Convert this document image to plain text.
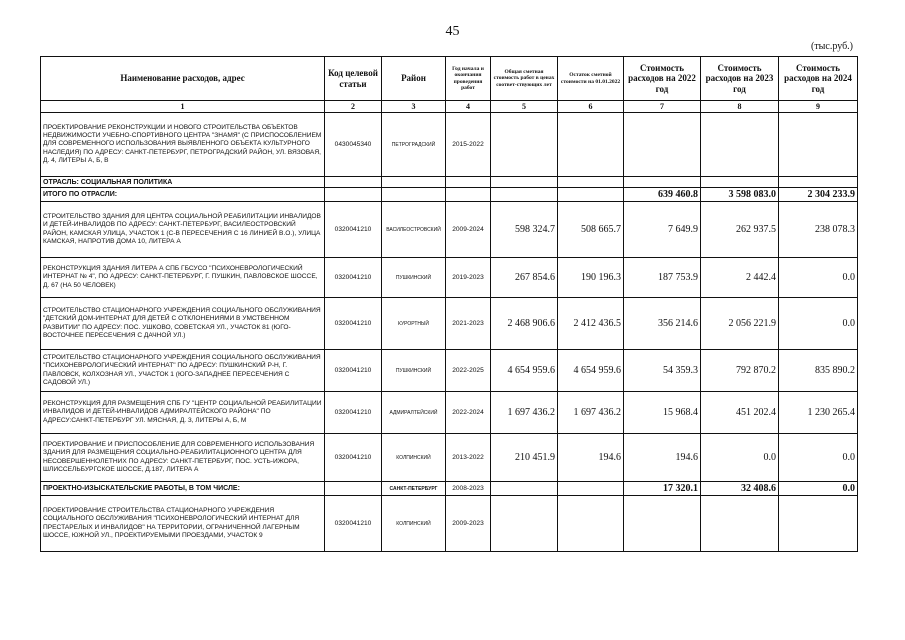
45
(тыс.руб.)
Наименование расходов, адрес	Код целевой статьи	Район	Год начала и окончания проведения работ	Общая сметная стоимость работ в ценах соответ-ствующих лет	Остаток сметной стоимости на 01.01.2022	Стоимость расходов на 2022 год	Стоимость расходов на 2023 год	Стоимость расходов на 2024 год
1	2	3	4	5	6	7	8	9
ПРОЕКТИРОВАНИЕ РЕКОНСТРУКЦИИ И НОВОГО СТРОИТЕЛЬСТВА ОБЪЕКТОВ НЕДВИЖИМОСТИ УЧЕБНО-СПОРТИВНОГО ЦЕНТРА "ЗНАМЯ" (С ПРИСПОСОБЛЕНИЕМ ДЛЯ СОВРЕМЕННОГО ИСПОЛЬЗОВАНИЯ ВЫЯВЛЕННОГО ОБЪЕКТА КУЛЬТУРНОГО НАСЛЕДИЯ) ПО АДРЕСУ: САНКТ-ПЕТЕРБУРГ, ПЕТРОГРАДСКИЙ РАЙОН, УЛ. ВЯЗОВАЯ, Д. 4, ЛИТЕРЫ А, Б, В	0430045340	ПЕТРОГРАДСКИЙ	2015-2022					
ОТРАСЛЬ: СОЦИАЛЬНАЯ ПОЛИТИКА								
ИТОГО ПО ОТРАСЛИ:						639 460.8	3 598 083.0	2 304 233.9
СТРОИТЕЛЬСТВО ЗДАНИЯ ДЛЯ ЦЕНТРА СОЦИАЛЬНОЙ РЕАБИЛИТАЦИИ ИНВАЛИДОВ И ДЕТЕЙ-ИНВАЛИДОВ ПО АДРЕСУ: САНКТ-ПЕТЕРБУРГ, ВАСИЛЕОСТРОВСКИЙ РАЙОН, КАМСКАЯ УЛИЦА, УЧАСТОК 1 (С-В ПЕРЕСЕЧЕНИЯ С 16 ЛИНИЕЙ В.О.), УЛИЦА КАМСКАЯ, НАПРОТИВ ДОМА 10, ЛИТЕРА А	0320041210	ВАСИЛЕОСТРОВСКИЙ	2009-2024	598 324.7	508 665.7	7 649.9	262 937.5	238 078.3
РЕКОНСТРУКЦИЯ ЗДАНИЯ ЛИТЕРА А СПБ ГБСУСО "ПСИХОНЕВРОЛОГИЧЕСКИЙ ИНТЕРНАТ № 4", ПО АДРЕСУ: САНКТ-ПЕТЕРБУРГ, Г. ПУШКИН, ПАВЛОВСКОЕ ШОССЕ, Д. 67 (НА 50 ЧЕЛОВЕК)	0320041210	ПУШКИНСКИЙ	2019-2023	267 854.6	190 196.3	187 753.9	2 442.4	0.0
СТРОИТЕЛЬСТВО СТАЦИОНАРНОГО УЧРЕЖДЕНИЯ СОЦИАЛЬНОГО ОБСЛУЖИВАНИЯ "ДЕТСКИЙ ДОМ-ИНТЕРНАТ ДЛЯ ДЕТЕЙ С ОТКЛОНЕНИЯМИ В УМСТВЕННОМ РАЗВИТИИ" ПО АДРЕСУ: ПОС. УШКОВО, СОВЕТСКАЯ УЛ., УЧАСТОК 81 (ЮГО-ВОСТОЧНЕЕ ПЕРЕСЕЧЕНИЯ С ДАЧНОЙ УЛ.)	0320041210	КУРОРТНЫЙ	2021-2023	2 468 906.6	2 412 436.5	356 214.6	2 056 221.9	0.0
СТРОИТЕЛЬСТВО СТАЦИОНАРНОГО УЧРЕЖДЕНИЯ СОЦИАЛЬНОГО ОБСЛУЖИВАНИЯ "ПСИХОНЕВРОЛОГИЧЕСКИЙ ИНТЕРНАТ" ПО АДРЕСУ: ПУШКИНСКИЙ Р-Н, Г. ПАВЛОВСК, КОЛХОЗНАЯ УЛ., УЧАСТОК 1 (ЮГО-ЗАПАДНЕЕ ПЕРЕСЕЧЕНИЯ С САДОВОЙ УЛ.)	0320041210	ПУШКИНСКИЙ	2022-2025	4 654 959.6	4 654 959.6	54 359.3	792 870.2	835 890.2
РЕКОНСТРУКЦИЯ ДЛЯ РАЗМЕЩЕНИЯ СПБ ГУ "ЦЕНТР СОЦИАЛЬНОЙ РЕАБИЛИТАЦИИ ИНВАЛИДОВ И ДЕТЕЙ-ИНВАЛИДОВ АДМИРАЛТЕЙСКОГО РАЙОНА" ПО АДРЕСУ:САНКТ-ПЕТЕРБУРГ УЛ. МЯСНАЯ, Д. 3, ЛИТЕРЫ А, Б, М	0320041210	АДМИРАЛТЕЙСКИЙ	2022-2024	1 697 436.2	1 697 436.2	15 968.4	451 202.4	1 230 265.4
ПРОЕКТИРОВАНИЕ И ПРИСПОСОБЛЕНИЕ ДЛЯ СОВРЕМЕННОГО ИСПОЛЬЗОВАНИЯ ЗДАНИЯ ДЛЯ РАЗМЕЩЕНИЯ СОЦИАЛЬНО-РЕАБИЛИТАЦИОННОГО ЦЕНТРА ДЛЯ НЕСОВЕРШЕННОЛЕТНИХ ПО АДРЕСУ: САНКТ-ПЕТЕРБУРГ, ПОС. УСТЬ-ИЖОРА, ШЛИССЕЛЬБУРГСКОЕ ШОССЕ, Д.187, ЛИТЕРА А	0320041210	КОЛПИНСКИЙ	2013-2022	210 451.9	194.6	194.6	0.0	0.0
ПРОЕКТНО-ИЗЫСКАТЕЛЬСКИЕ РАБОТЫ, В ТОМ ЧИСЛЕ:		САНКТ-ПЕТЕРБУРГ	2008-2023			17 320.1	32 408.6	0.0
ПРОЕКТИРОВАНИЕ СТРОИТЕЛЬСТВА СТАЦИОНАРНОГО УЧРЕЖДЕНИЯ СОЦИАЛЬНОГО ОБСЛУЖИВАНИЯ "ПСИХОНЕВРОЛОГИЧЕСКИЙ ИНТЕРНАТ ДЛЯ ПРЕСТАРЕЛЫХ И ИНВАЛИДОВ" НА ТЕРРИТОРИИ, ОГРАНИЧЕННОЙ ЛАГЕРНЫМ ШОССЕ, ЮЖНОЙ УЛ., ПРОЕКТИРУЕМЫМИ ПРОЕЗДАМИ, УЧАСТОК 9	0320041210	КОЛПИНСКИЙ	2009-2023					
